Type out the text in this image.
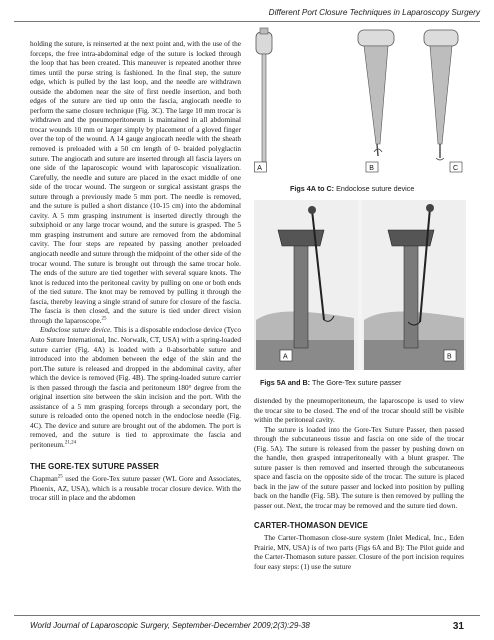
Different Port Closure Techniques in Laparoscopy Surgery

holding the suture, is reinserted at the next point and, with the use of the forceps, the free intra-abdominal edge of the suture is locked through the loop that has been created. This maneuver is repeated another three times until the purse string is fashioned. In the final step, the suture edge, which is pulled by the last loop, and the needle are withdrawn outside the abdomen near the site of first needle insertion, and both edges of the suture are tied up onto the fascia, angiocath needle to perform the same closure technique (Fig. 3C). The large 10 mm trocar is withdrawn and the pneumoperitoneum is maintained in all abdominal trocar wounds 10 mm or larger simply by placement of a gloved finger over the top of the wound. A 14 gauge angiocath needle with the sheath removed is preloaded with a 50 cm length of 0- braided polyglactin suture. The angiocath and suture are inserted through all fascia layers on one side of the laparoscopic wound with laparoscopic visualization. Carefully, the needle and suture are placed in the exact middle of one side of the trocar wound. The surgeon or surgical assistant grasps the suture through a previously made 5 mm port. The needle is removed, and the suture is pulled a short distance (10-15 cm) into the abdominal cavity. A 5 mm grasping instrument is inserted directly through the subxiphoid or any large trocar wound, and the suture is grasped. The 5 mm grasping instrument and suture are removed from the abdominal cavity. The four steps are repeated by passing another preloaded angiocath needle and suture through the midpoint of the other side of the trocar wound. The suture is brought out through the same trocar hole. The ends of the suture are tied together with several square knots. The knot is reduced into the peritoneal cavity by pulling on one or both ends of the tied suture. The knot may be removed by pulling it through the fascia, thereby leaving a single strand of suture for closure of the fascia. The fascia is then closed, and the suture is tied under direct vision through the laparoscope.$^{25}$

Endoclose suture device. This is a disposable endoclose device (Tyco Auto Suture International, Inc. Norwalk, CT, USA) with a spring-loaded suture carrier (Fig. 4A) is loaded with a 0-absorbable suture and introduced into the abdomen between the edge of the skin and the port.The suture is released and dropped in the abdominal cavity, after which the device is removed (Fig. 4B). The spring-loaded suture carrier is then passed through the fascia and peritoneum 180° degree from the original insertion site between the skin incision and the port. With the assistance of a 5 mm grasping forceps through a secondary port, the suture is reloaded onto the opened notch in the endoclose needle (Fig. 4C). The device and suture are brought out of the abdomen. The port is removed, and the suture is tied to approximate the fascia and peritoneum.$^{21,24}$

THE GORE-TEX SUTURE PASSER

Chapman$^{25}$ used the Gore-Tex suture passer (WL Gore and Associates, Phoenix, AZ, USA), which is a reusable trocar closure device. With the trocar still in place and the abdomen

A	B	C
Figs 4A to C: Endoclose suture device
A	B
Figs 5A and B: The Gore-Tex suture passer

distended by the pneumoperitoneum, the laparoscope is used to view the trocar site to be closed. The end of the trocar should still be visible within the peritoneal cavity.

The suture is loaded into the Gore-Tex Suture Passer, then passed through the subcutaneous tissue and fascia on one side of the trocar (Fig. 5A). The suture is released from the passer by pushing down on the handle, then grasped intraperitoneally with a blunt grasper. The suture passer is then removed and inserted through the subcutaneous space and fascia on the opposite side of the trocar. The suture is placed back in the jaw of the suture passer and locked into position by pulling back on the handle (Fig. 5B). The suture is then removed by pulling the passer out. Next, the trocar may be removed and the suture tied down.

CARTER-THOMASON DEVICE

The Carter-Thomason close-sure system (Inlet Medical, Inc., Eden Prairie, MN, USA) is of two parts (Figs 6A and B): The Pilot guide and the Carter-Thomason suture passer. Closure of the port incision requires four easy steps: (1) use the suture

World Journal of Laparoscopic Surgery, September-December 2009;2(3):29-38	31
